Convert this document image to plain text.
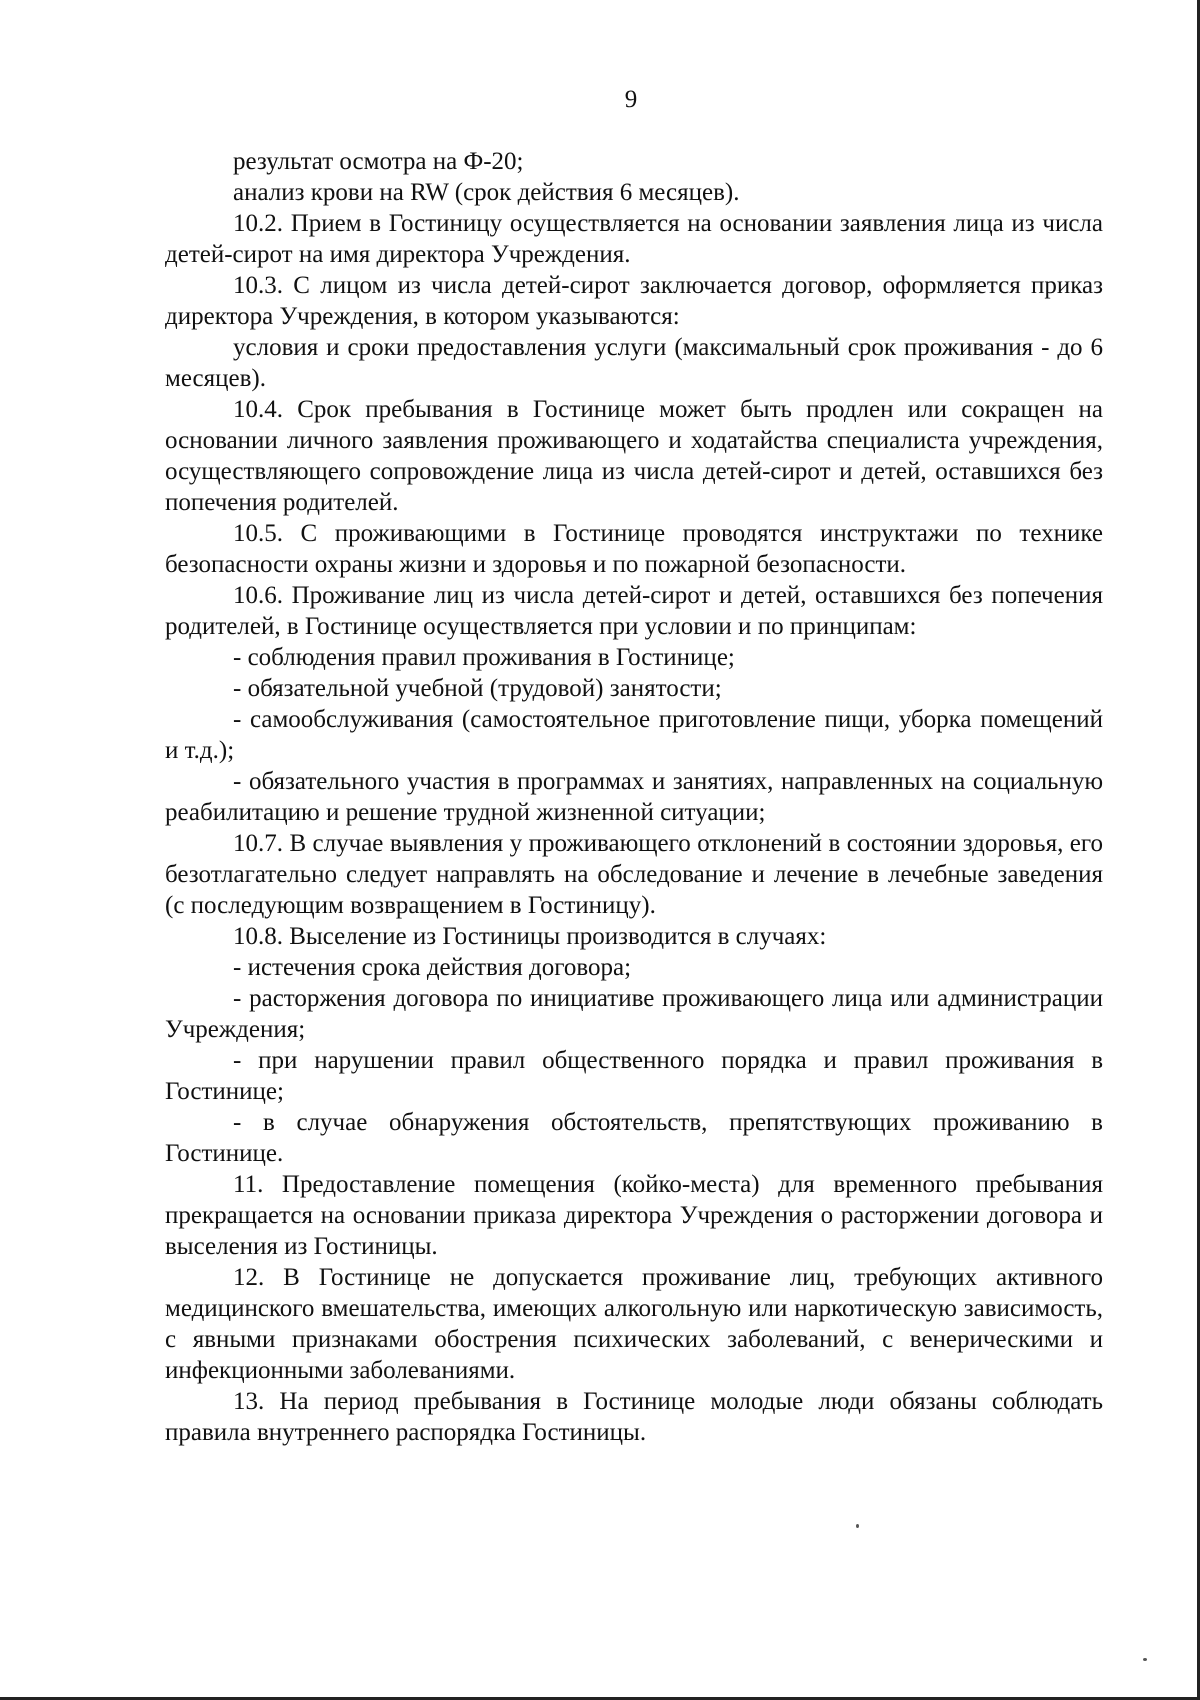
9

результат осмотра на Ф-20;

анализ крови на RW (срок действия 6 месяцев).

10.2. Прием в Гостиницу осуществляется на основании заявления лица из числа детей-сирот на имя директора Учреждения.

10.3. С лицом из числа детей-сирот заключается договор, оформляется приказ директора Учреждения, в котором указываются:

условия и сроки предоставления услуги (максимальный срок проживания - до 6 месяцев).

10.4. Срок пребывания в Гостинице может быть продлен или сокращен на основании личного заявления проживающего и ходатайства специалиста учреждения, осуществляющего сопровождение лица из числа детей-сирот и детей, оставшихся без попечения родителей.

10.5. С проживающими в Гостинице проводятся инструктажи по технике безопасности охраны жизни и здоровья и по пожарной безопасности.

10.6. Проживание лиц из числа детей-сирот и детей, оставшихся без попечения родителей, в Гостинице осуществляется при условии и по принципам:

- соблюдения правил проживания в Гостинице;

- обязательной учебной (трудовой) занятости;

- самообслуживания (самостоятельное приготовление пищи, уборка помещений и т.д.);

- обязательного участия в программах и занятиях, направленных на социальную реабилитацию и решение трудной жизненной ситуации;

10.7. В случае выявления у проживающего отклонений в состоянии здоровья, его безотлагательно следует направлять на обследование и лечение в лечебные заведения (с последующим возвращением в Гостиницу).

10.8. Выселение из Гостиницы производится в случаях:

- истечения срока действия договора;

- расторжения договора по инициативе проживающего лица или администрации Учреждения;

- при нарушении правил общественного порядка и правил проживания в Гостинице;

- в случае обнаружения обстоятельств, препятствующих проживанию в Гостинице.

11. Предоставление помещения (койко-места) для временного пребывания прекращается на основании приказа директора Учреждения о расторжении договора и выселения из Гостиницы.

12. В Гостинице не допускается проживание лиц, требующих активного медицинского вмешательства, имеющих алкогольную или наркотическую зависимость, с явными признаками обострения психических заболеваний, с венерическими и инфекционными заболеваниями.

13. На период пребывания в Гостинице молодые люди обязаны соблюдать правила внутреннего распорядка Гостиницы.
